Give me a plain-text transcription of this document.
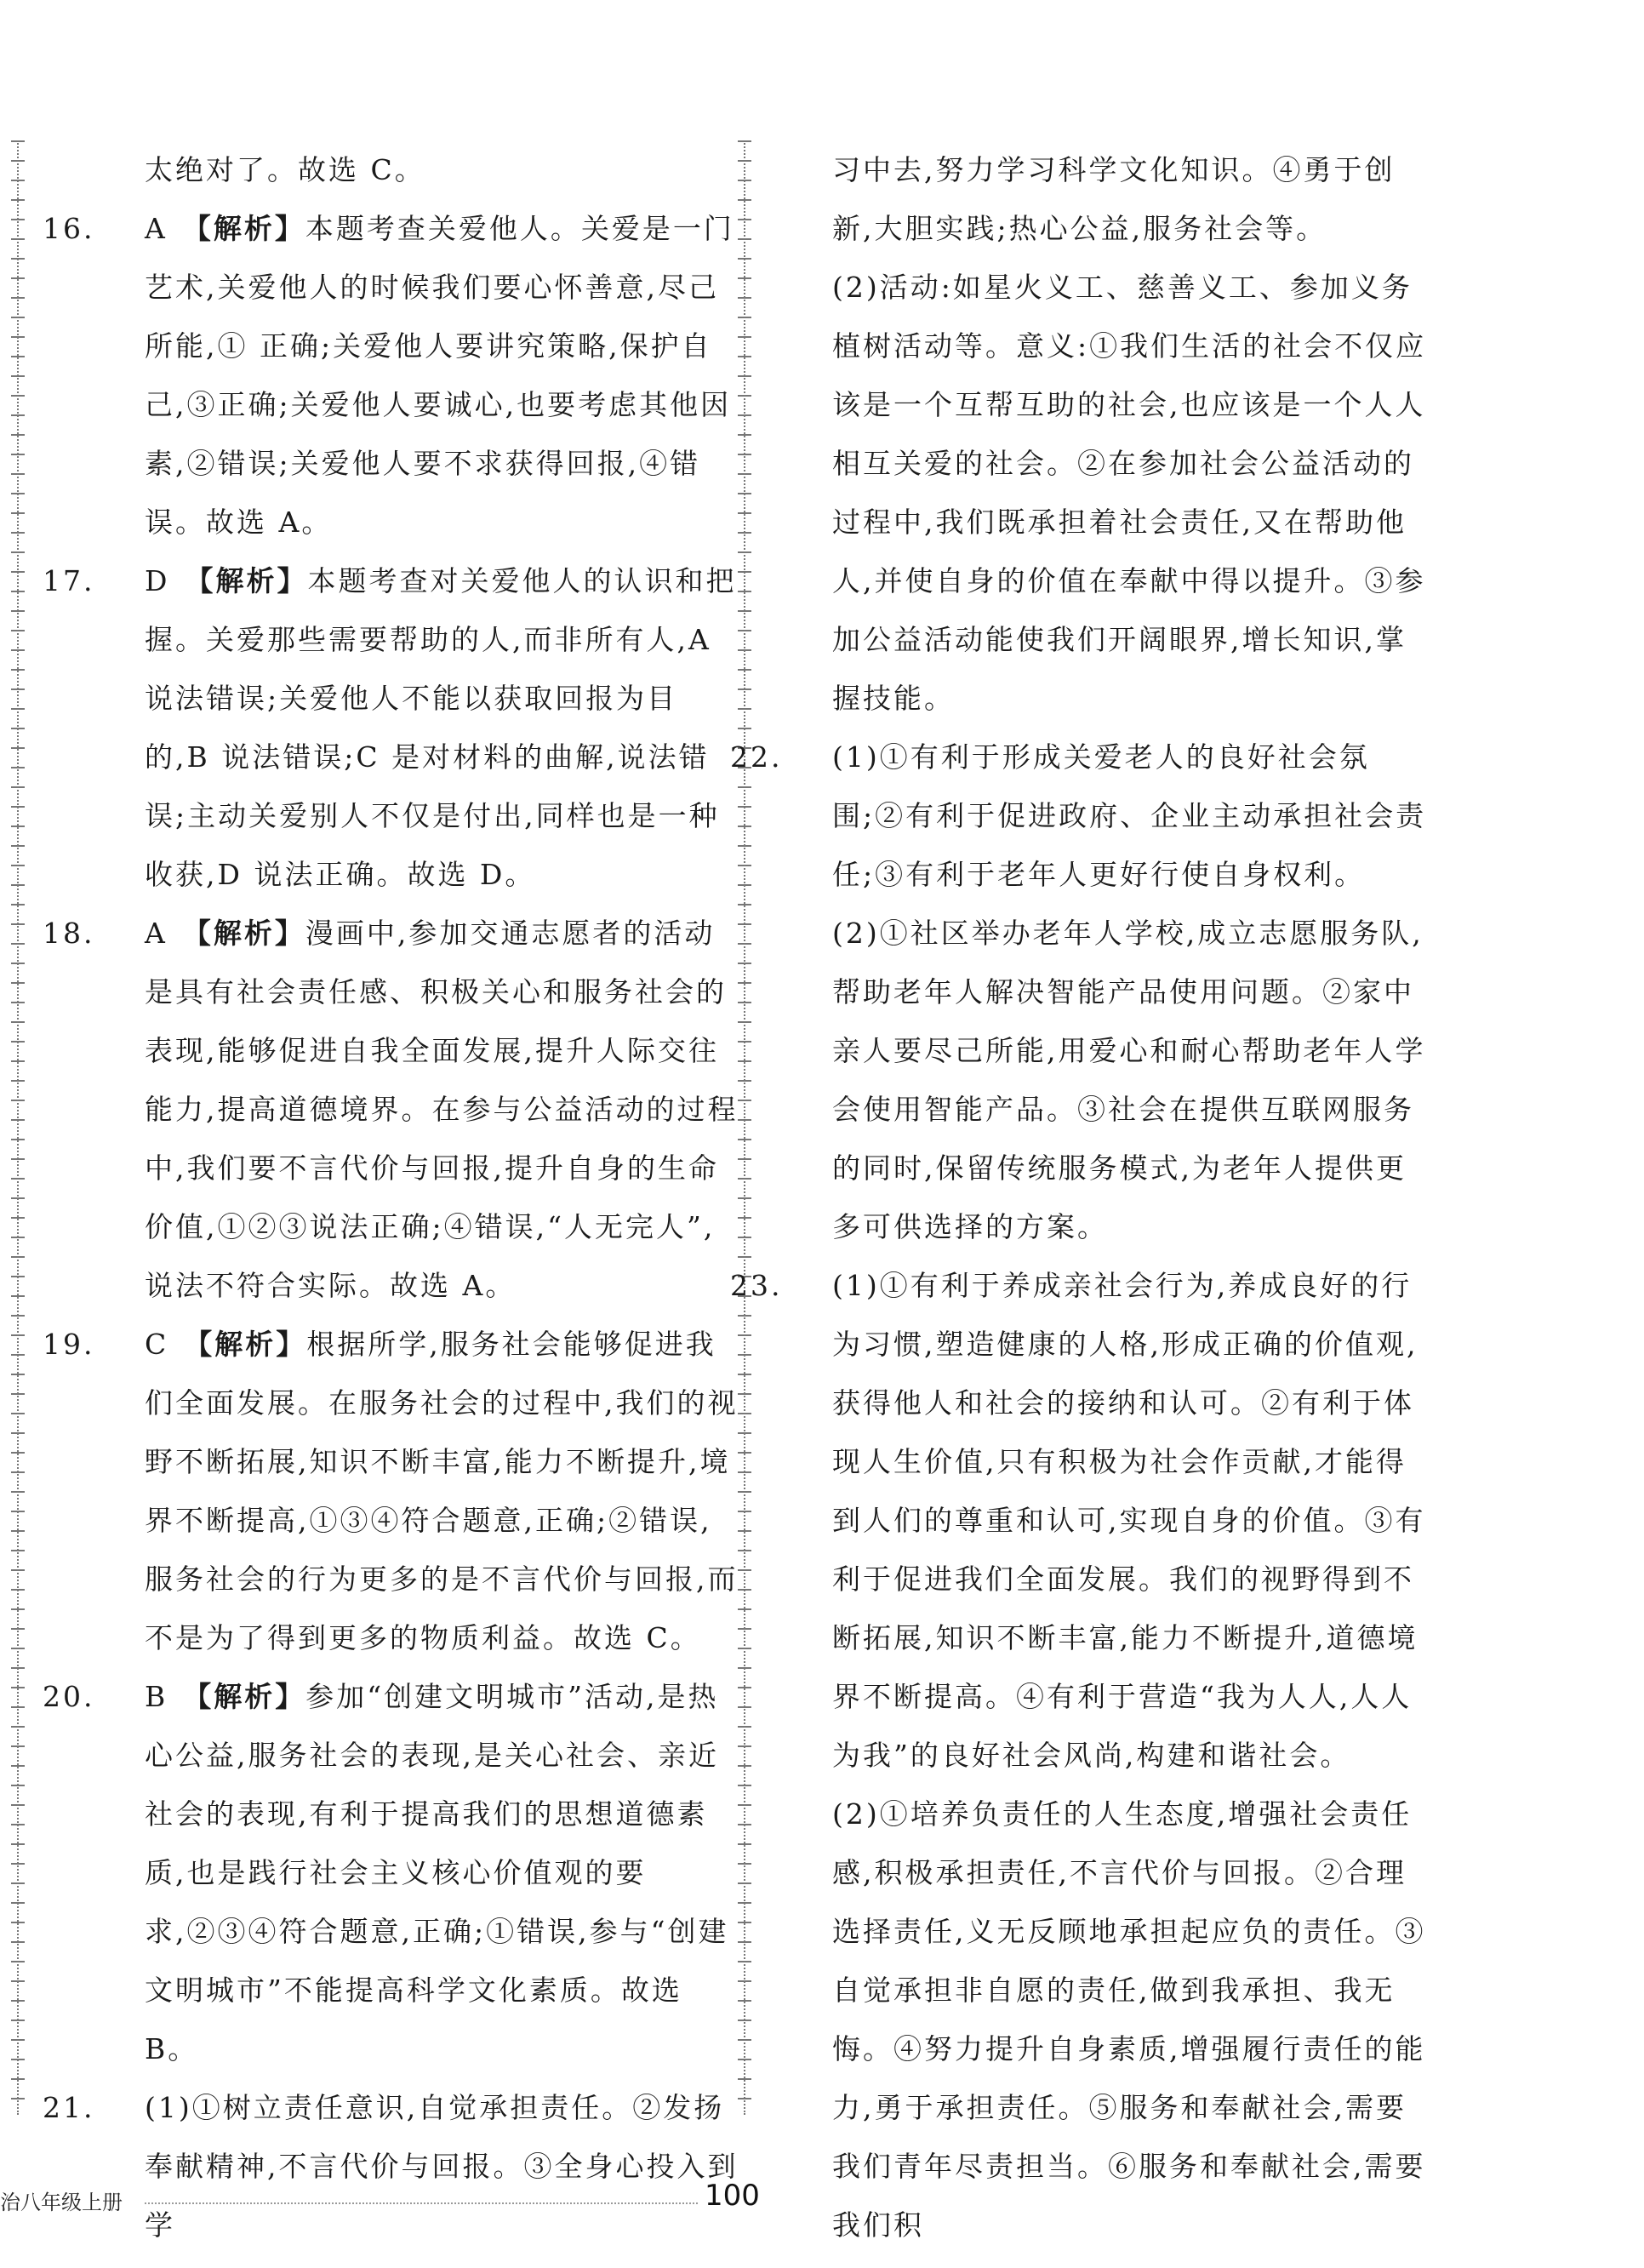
太绝对了。故选 C。

16. A 【解析】本题考查关爱他人。关爱是一门艺术,关爱他人的时候我们要心怀善意,尽己所能,① 正确;关爱他人要讲究策略,保护自己,③正确;关爱他人要诚心,也要考虑其他因素,②错误;关爱他人要不求获得回报,④错误。故选 A。

17. D 【解析】本题考查对关爱他人的认识和把握。关爱那些需要帮助的人,而非所有人,A 说法错误;关爱他人不能以获取回报为目的,B 说法错误;C 是对材料的曲解,说法错误;主动关爱别人不仅是付出,同样也是一种收获,D 说法正确。故选 D。

18. A 【解析】漫画中,参加交通志愿者的活动是具有社会责任感、积极关心和服务社会的表现,能够促进自我全面发展,提升人际交往能力,提高道德境界。在参与公益活动的过程中,我们要不言代价与回报,提升自身的生命价值,①②③说法正确;④错误,“人无完人”,说法不符合实际。故选 A。

19. C 【解析】根据所学,服务社会能够促进我们全面发展。在服务社会的过程中,我们的视野不断拓展,知识不断丰富,能力不断提升,境界不断提高,①③④符合题意,正确;②错误,服务社会的行为更多的是不言代价与回报,而不是为了得到更多的物质利益。故选 C。

20. B 【解析】参加“创建文明城市”活动,是热心公益,服务社会的表现,是关心社会、亲近社会的表现,有利于提高我们的思想道德素质,也是践行社会主义核心价值观的要求,②③④符合题意,正确;①错误,参与“创建文明城市”不能提高科学文化素质。故选 B。

21. (1)①树立责任意识,自觉承担责任。②发扬奉献精神,不言代价与回报。③全身心投入到学

习中去,努力学习科学文化知识。④勇于创新,大胆实践;热心公益,服务社会等。

(2)活动:如星火义工、慈善义工、参加义务植树活动等。意义:①我们生活的社会不仅应该是一个互帮互助的社会,也应该是一个人人相互关爱的社会。②在参加社会公益活动的过程中,我们既承担着社会责任,又在帮助他人,并使自身的价值在奉献中得以提升。③参加公益活动能使我们开阔眼界,增长知识,掌握技能。

22. (1)①有利于形成关爱老人的良好社会氛围;②有利于促进政府、企业主动承担社会责任;③有利于老年人更好行使自身权利。

(2)①社区举办老年人学校,成立志愿服务队,帮助老年人解决智能产品使用问题。②家中亲人要尽己所能,用爱心和耐心帮助老年人学会使用智能产品。③社会在提供互联网服务的同时,保留传统服务模式,为老年人提供更多可供选择的方案。

23. (1)①有利于养成亲社会行为,养成良好的行为习惯,塑造健康的人格,形成正确的价值观,获得他人和社会的接纳和认可。②有利于体现人生价值,只有积极为社会作贡献,才能得到人们的尊重和认可,实现自身的价值。③有利于促进我们全面发展。我们的视野得到不断拓展,知识不断丰富,能力不断提升,道德境界不断提高。④有利于营造“我为人人,人人为我”的良好社会风尚,构建和谐社会。

(2)①培养负责任的人生态度,增强社会责任感,积极承担责任,不言代价与回报。②合理选择责任,义无反顾地承担起应负的责任。③自觉承担非自愿的责任,做到我承担、我无悔。④努力提升自身素质,增强履行责任的能力,勇于承担责任。⑤服务和奉献社会,需要我们青年尽责担当。⑥服务和奉献社会,需要我们积

治八年级上册	100
